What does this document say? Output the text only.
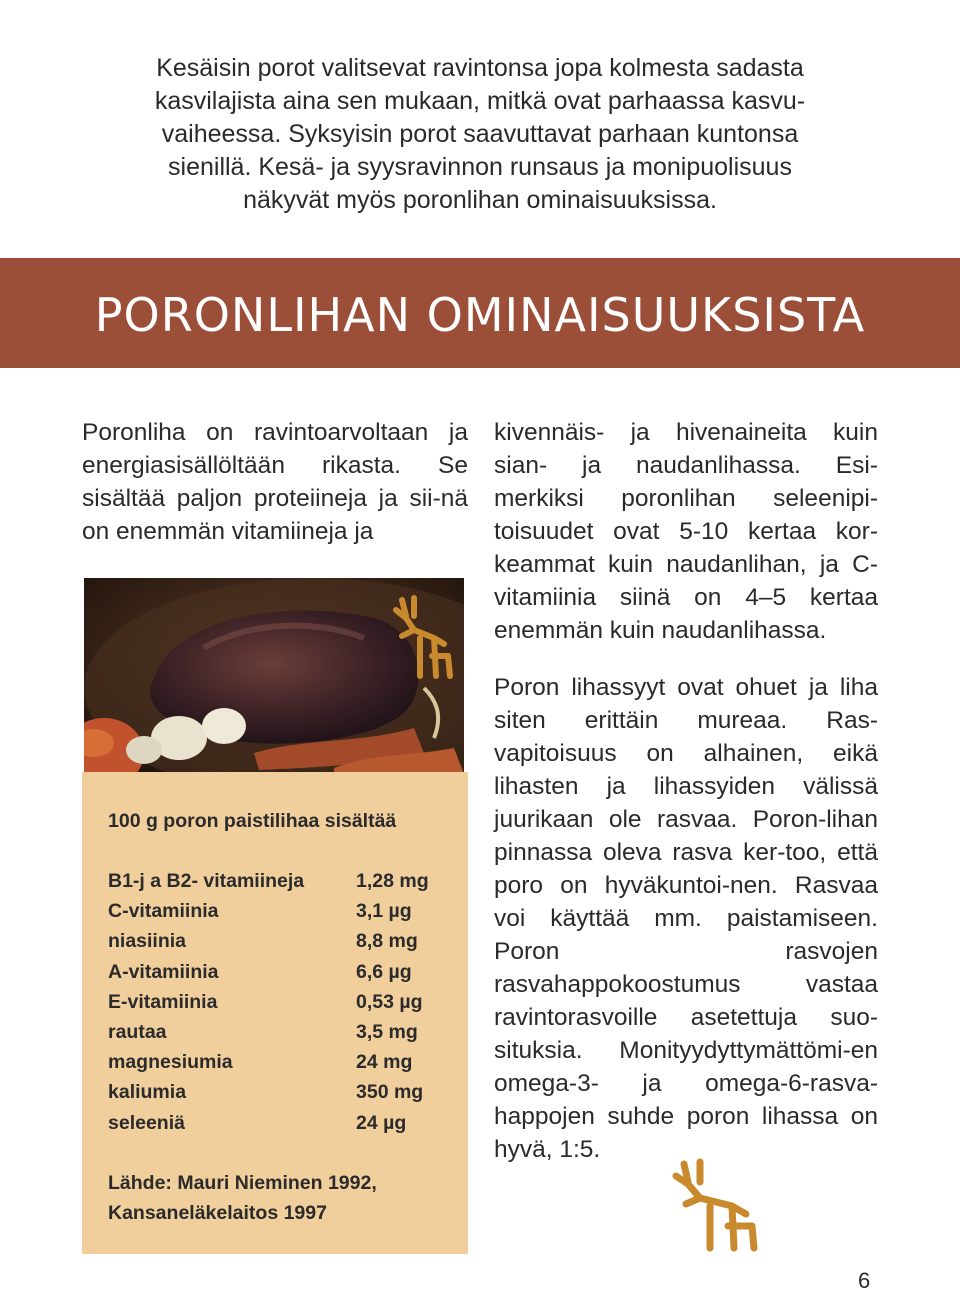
Kesäisin porot valitsevat ravintonsa jopa kolmesta sadasta

kasvilajista aina sen mukaan, mitkä ovat parhaassa kasvu-

vaiheessa. Syksyisin porot saavuttavat parhaan kuntonsa

sienillä. Kesä- ja syysravinnon runsaus ja monipuolisuus

näkyvät myös poronlihan ominaisuuksissa.

PORONLIHAN OMINAISUUKSISTA

Poronliha on ravintoarvoltaan ja energiasisällöltään rikasta. Se sisältää paljon proteiineja ja sii-nä on enemmän vitamiineja ja

100 g poron paistilihaa sisältää
B1-j a B2- vitamiineja	1,28 mg
C-vitamiinia	3,1 µg
niasiinia	8,8 mg
A-vitamiinia	6,6 µg
E-vitamiinia	0,53 µg
rautaa	3,5 mg
magnesiumia	24 mg
kaliumia	350 mg
seleeniä	24 µg
Lähde: Mauri Nieminen 1992,
Kansaneläkelaitos 1997

kivennäis- ja hivenaineita kuin sian- ja naudanlihassa. Esi-merkiksi poronlihan seleenipi-toisuudet ovat 5-10 kertaa kor-keammat kuin naudanlihan, ja C-vitamiinia siinä on 4–5 kertaa enemmän kuin naudanlihassa.

Poron lihassyyt ovat ohuet ja liha siten erittäin mureaa. Ras-vapitoisuus on alhainen, eikä lihasten ja lihassyiden välissä juurikaan ole rasvaa. Poron-lihan pinnassa oleva rasva ker-too, että poro on hyväkuntoi-nen. Rasvaa voi käyttää mm. paistamiseen. Poron rasvojen rasvahappokoostumus vastaa ravintorasvoille asetettuja suo-situksia. Monityydyttymättömi-en omega-3- ja omega-6-rasva-happojen suhde poron lihassa on hyvä, 1:5.

6
